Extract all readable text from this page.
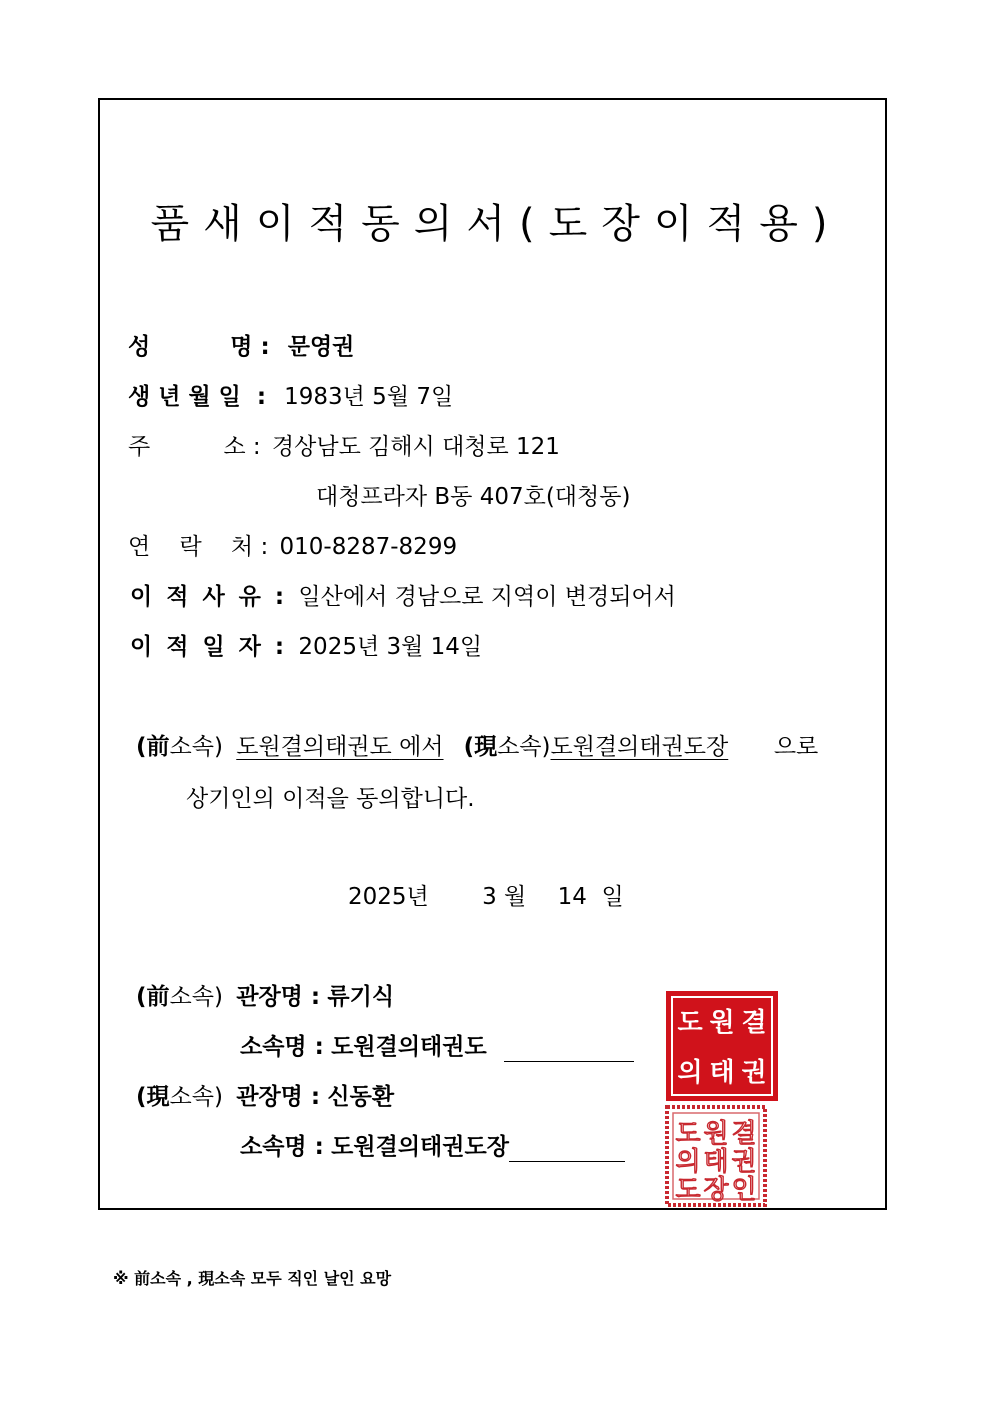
품새이적동의서(도장이적용)
성          명 : 문영권
생 년 월 일  : 1983년 5월 7일
주          소 : 경상남도 김해시 대청로 121
대청프라자 B동 407호(대청동)
연    락    처 : 010-8287-8299
이 적 사 유 : 일산에서 경남으로 지역이 변경되어서
이 적 일 자 : 2025년 3월 14일
(前소속) 도원결의태권도 에서 (現소속)도원결의태권도장 으로
상기인의 이적을 동의합니다.
2025년 3 월 14  일
(前소속) 관장명 : 류기식
소속명 : 도원결의태권도
(現소속) 관장명 : 신동환
소속명 : 도원결의태권도장
도 원 결
의 태 권
도 원 결
의 태 권
도 장 인
※ 前소속 , 現소속 모두 직인 날인 요망
